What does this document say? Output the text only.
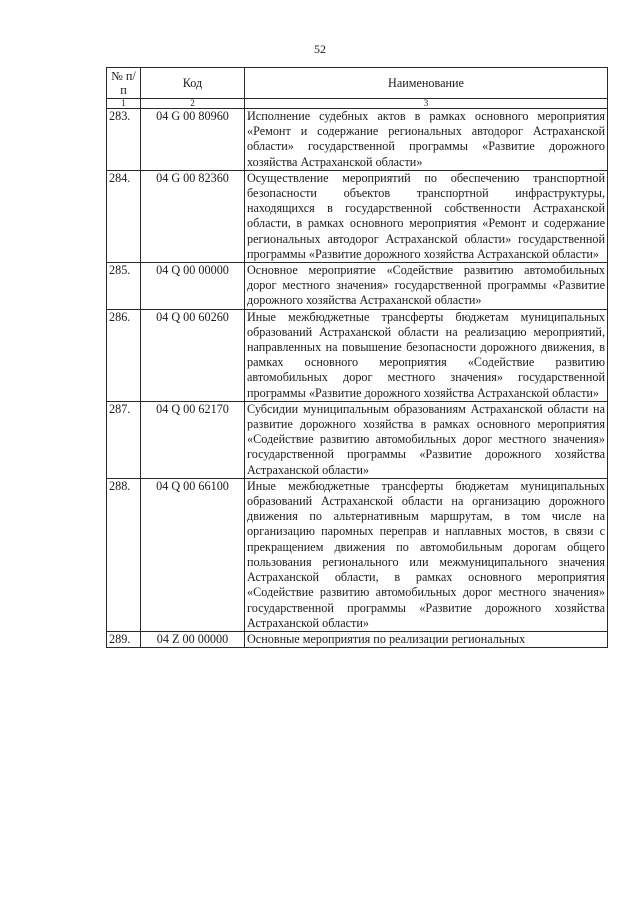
52
№ п/п	Код	Наименование
1	2	3
283.	04 G 00 80960	Исполнение судебных актов в рамках основного мероприятия «Ремонт и содержание региональных автодорог Астраханской области» государственной программы «Развитие дорожного хозяйства Астраханской области»
284.	04 G 00 82360	Осуществление мероприятий по обеспечению транспортной безопасности объектов транспортной инфраструктуры, находящихся в государственной собственности Астраханской области, в рамках основного мероприятия «Ремонт и содержание региональных автодорог Астраханской области» государственной программы «Развитие дорожного хозяйства Астраханской области»
285.	04 Q 00 00000	Основное мероприятие «Содействие развитию автомобильных дорог местного значения» государственной программы «Развитие дорожного хозяйства Астраханской области»
286.	04 Q 00 60260	Иные межбюджетные трансферты бюджетам муниципальных образований Астраханской области на реализацию мероприятий, направленных на повышение безопасности дорожного движения, в рамках основного мероприятия «Содействие развитию автомобильных дорог местного значения» государственной программы «Развитие дорожного хозяйства Астраханской области»
287.	04 Q 00 62170	Субсидии муниципальным образованиям Астраханской области на развитие дорожного хозяйства в рамках основного мероприятия «Содействие развитию автомобильных дорог местного значения» государственной программы «Развитие дорожного хозяйства Астраханской области»
288.	04 Q 00 66100	Иные межбюджетные трансферты бюджетам муниципальных образований Астраханской области на организацию дорожного движения по альтернативным маршрутам, в том числе на организацию паромных переправ и наплавных мостов, в связи с прекращением движения по автомобильным дорогам общего пользования регионального или межмуниципального значения Астраханской области, в рамках основного мероприятия «Содействие развитию автомобильных дорог местного значения» государственной программы «Развитие дорожного хозяйства Астраханской области»
289.	04 Z 00 00000	Основные мероприятия по реализации региональных
